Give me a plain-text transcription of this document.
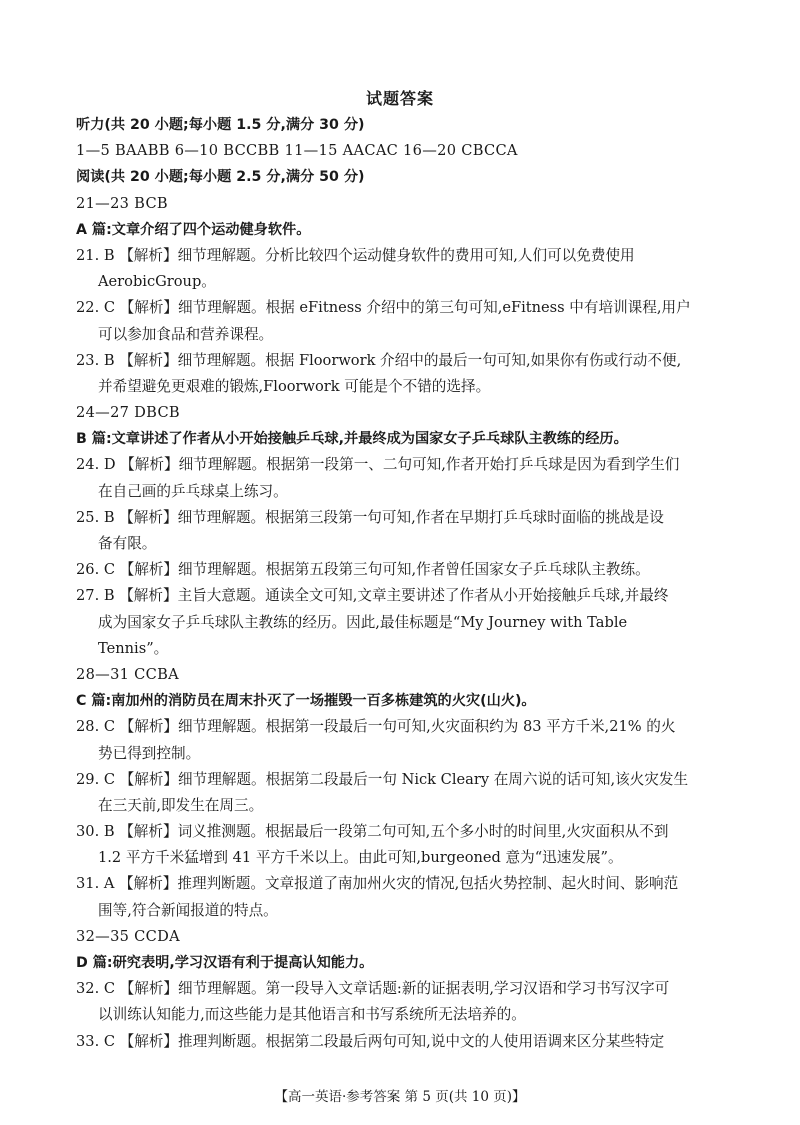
试题答案
听力(共 20 小题;每小题 1.5 分,满分 30 分)
1—5 BAABB 6—10 BCCBB 11—15 AACAC 16—20 CBCCA
阅读(共 20 小题;每小题 2.5 分,满分 50 分)
21—23 BCB
A 篇:文章介绍了四个运动健身软件。
21. B 【解析】细节理解题。分析比较四个运动健身软件的费用可知,人们可以免费使用
AerobicGroup。
22. C 【解析】细节理解题。根据 eFitness 介绍中的第三句可知,eFitness 中有培训课程,用户
可以参加食品和营养课程。
23. B 【解析】细节理解题。根据 Floorwork 介绍中的最后一句可知,如果你有伤或行动不便,
并希望避免更艰难的锻炼,Floorwork 可能是个不错的选择。
24—27 DBCB
B 篇:文章讲述了作者从小开始接触乒乓球,并最终成为国家女子乒乓球队主教练的经历。
24. D 【解析】细节理解题。根据第一段第一、二句可知,作者开始打乒乓球是因为看到学生们
在自己画的乒乓球桌上练习。
25. B 【解析】细节理解题。根据第三段第一句可知,作者在早期打乒乓球时面临的挑战是设
备有限。
26. C 【解析】细节理解题。根据第五段第三句可知,作者曾任国家女子乒乓球队主教练。
27. B 【解析】主旨大意题。通读全文可知,文章主要讲述了作者从小开始接触乒乓球,并最终
成为国家女子乒乓球队主教练的经历。因此,最佳标题是“My Journey with Table
Tennis”。
28—31 CCBA
C 篇:南加州的消防员在周末扑灭了一场摧毁一百多栋建筑的火灾(山火)。
28. C 【解析】细节理解题。根据第一段最后一句可知,火灾面积约为 83 平方千米,21% 的火
势已得到控制。
29. C 【解析】细节理解题。根据第二段最后一句 Nick Cleary 在周六说的话可知,该火灾发生
在三天前,即发生在周三。
30. B 【解析】词义推测题。根据最后一段第二句可知,五个多小时的时间里,火灾面积从不到
1.2 平方千米猛增到 41 平方千米以上。由此可知,burgeoned 意为“迅速发展”。
31. A 【解析】推理判断题。文章报道了南加州火灾的情况,包括火势控制、起火时间、影响范
围等,符合新闻报道的特点。
32—35 CCDA
D 篇:研究表明,学习汉语有利于提高认知能力。
32. C 【解析】细节理解题。第一段导入文章话题:新的证据表明,学习汉语和学习书写汉字可
以训练认知能力,而这些能力是其他语言和书写系统所无法培养的。
33. C 【解析】推理判断题。根据第二段最后两句可知,说中文的人使用语调来区分某些特定
【高一英语·参考答案 第 5 页(共 10 页)】
